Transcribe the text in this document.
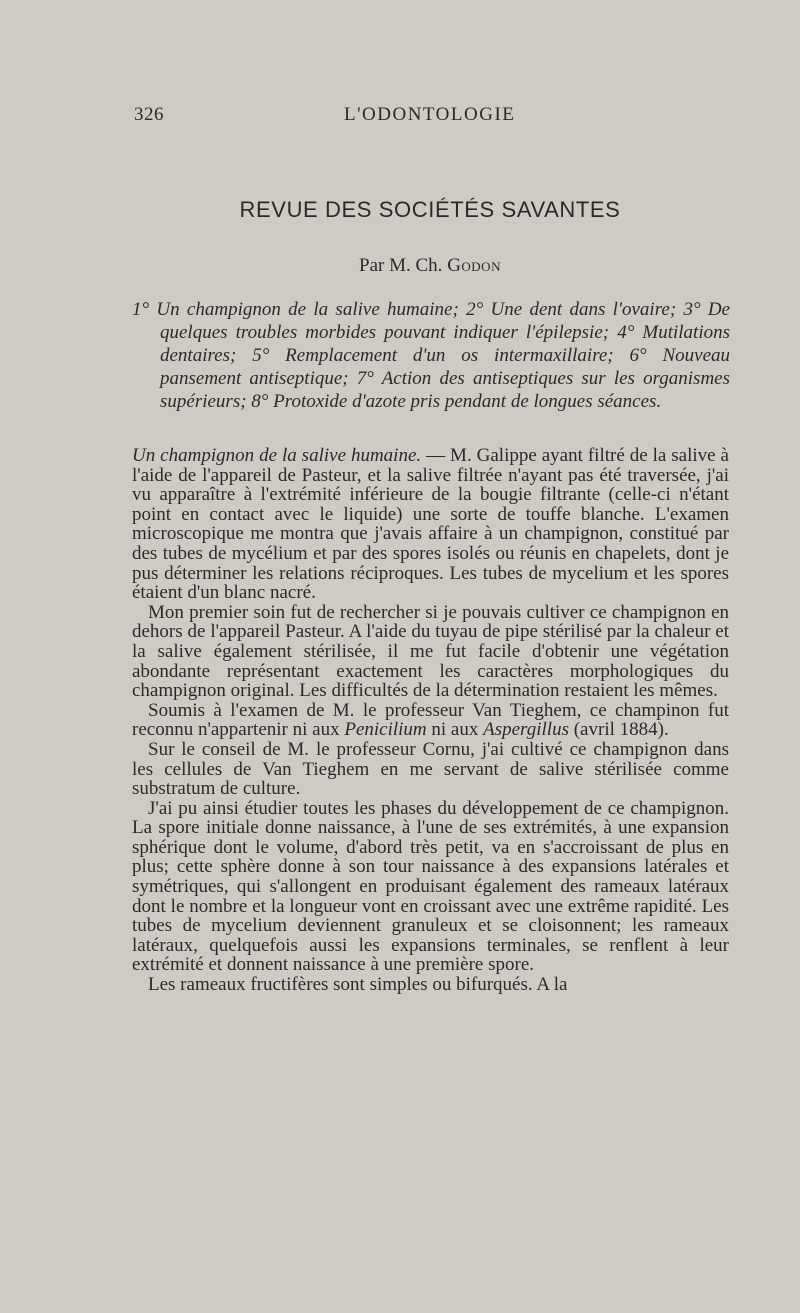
326	L'ODONTOLOGIE
REVUE DES SOCIÉTÉS SAVANTES
Par M. Ch. Godon
1° Un champignon de la salive humaine; 2° Une dent dans l'ovaire; 3° De quelques troubles morbides pouvant indiquer l'épilepsie; 4° Mutilations dentaires; 5° Remplacement d'un os intermaxillaire; 6° Nouveau pansement antiseptique; 7° Action des antiseptiques sur les organismes supérieurs; 8° Protoxide d'azote pris pendant de longues séances.

Un champignon de la salive humaine. — M. Galippe ayant filtré de la salive à l'aide de l'appareil de Pasteur, et la salive filtrée n'ayant pas été traversée, j'ai vu apparaître à l'extrémité inférieure de la bougie filtrante (celle-ci n'étant point en contact avec le liquide) une sorte de touffe blanche. L'examen microscopique me montra que j'avais affaire à un champignon, constitué par des tubes de mycélium et par des spores isolés ou réunis en chapelets, dont je pus déterminer les relations réciproques. Les tubes de mycelium et les spores étaient d'un blanc nacré.

Mon premier soin fut de rechercher si je pouvais cultiver ce champignon en dehors de l'appareil Pasteur. A l'aide du tuyau de pipe stérilisé par la chaleur et la salive également stérilisée, il me fut facile d'obtenir une végétation abondante représentant exactement les caractères morphologiques du champignon original. Les difficultés de la détermination restaient les mêmes.

Soumis à l'examen de M. le professeur Van Tieghem, ce champinon fut reconnu n'appartenir ni aux Penicilium ni aux Aspergillus (avril 1884).

Sur le conseil de M. le professeur Cornu, j'ai cultivé ce champignon dans les cellules de Van Tieghem en me servant de salive stérilisée comme substratum de culture.

J'ai pu ainsi étudier toutes les phases du développement de ce champignon. La spore initiale donne naissance, à l'une de ses extrémités, à une expansion sphérique dont le volume, d'abord très petit, va en s'accroissant de plus en plus; cette sphère donne à son tour naissance à des expansions latérales et symétriques, qui s'allongent en produisant également des rameaux latéraux dont le nombre et la longueur vont en croissant avec une extrême rapidité. Les tubes de mycelium deviennent granuleux et se cloisonnent; les rameaux latéraux, quelquefois aussi les expansions terminales, se renflent à leur extrémité et donnent naissance à une première spore.

Les rameaux fructifères sont simples ou bifurqués. A la
